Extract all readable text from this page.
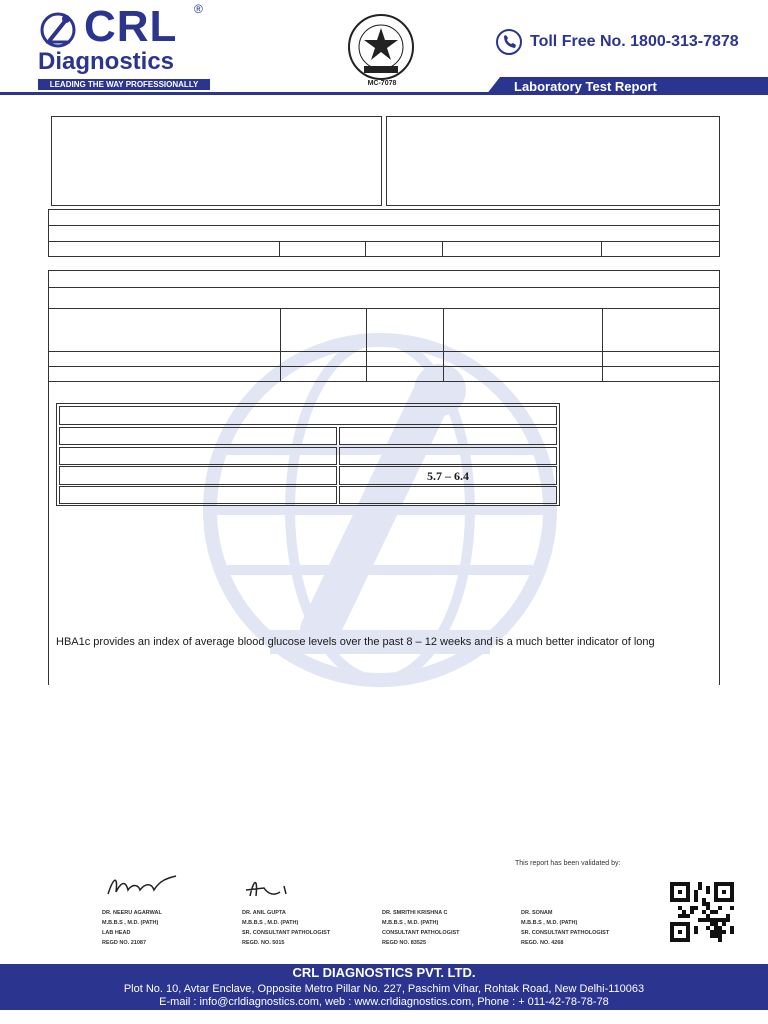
CRL ®
Diagnostics
LEADING THE WAY PROFESSIONALLY	MC-7078
Toll Free No. 1800-313-7878
Laboratory Test Report
5.7 – 6.4
HBA1c provides an index of average blood glucose levels over the past 8 – 12 weeks and is a much better indicator of long
This report has been validated by:
DR. NEERU AGARWAL
M.B.B.S , M.D. (PATH)
LAB HEAD
REGD NO. 21087
DR. ANIL GUPTA
M.B.B.S , M.D. (PATH)
SR. CONSULTANT PATHOLOGIST
REGD. NO. 5015
DR. SMRITHI KRISHNA C
M.B.B.S , M.D. (PATH)
CONSULTANT PATHOLOGIST
REGD NO. 83525
DR. SONAM
M.B.B.S , M.D. (PATH)
SR. CONSULTANT PATHOLOGIST
REGD. NO. 4268
CRL DIAGNOSTICS PVT. LTD.
Plot No. 10, Avtar Enclave, Opposite Metro Pillar No. 227, Paschim Vihar, Rohtak Road, New Delhi-110063
E-mail : info@crldiagnostics.com, web : www.crldiagnostics.com, Phone : + 011-42-78-78-78
